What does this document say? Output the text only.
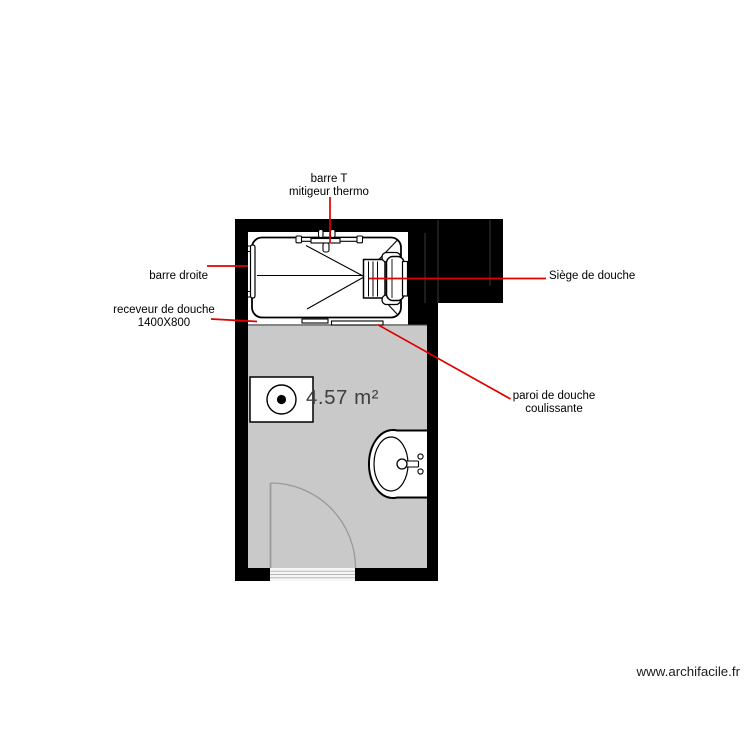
barre T
mitigeur thermo
barre droite
receveur de douche
1400X800
Siège de douche
paroi de douche
coulissante
4.57 m²
www.archifacile.fr
